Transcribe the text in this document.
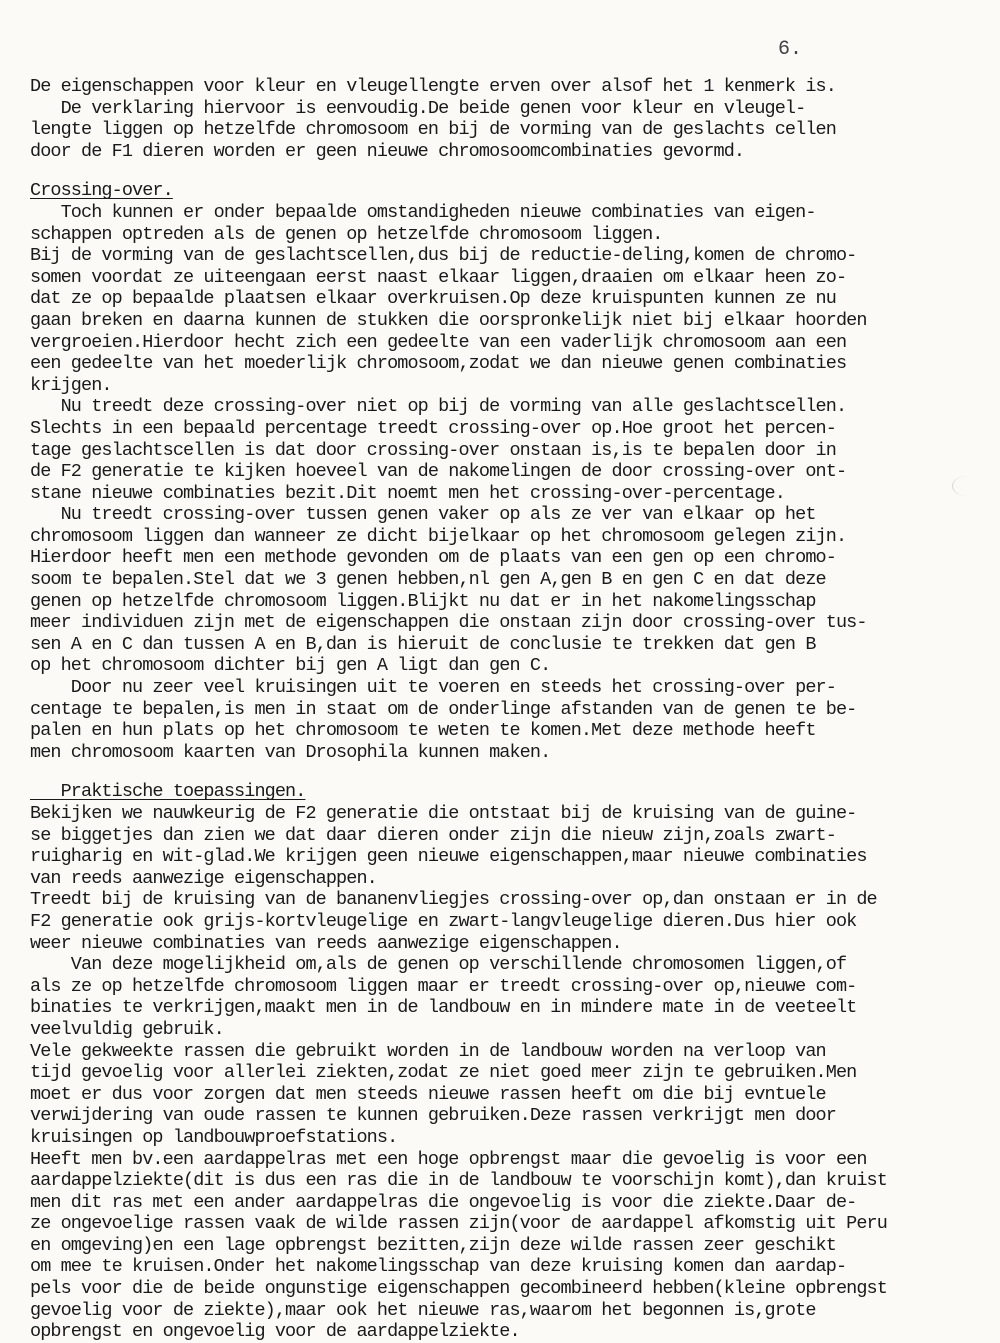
6.
De eigenschappen voor kleur en vleugellengte erven over alsof het 1 kenmerk is.
De verklaring hiervoor is eenvoudig.De beide genen voor kleur en vleugel-
lengte liggen op hetzelfde chromosoom en bij de vorming van de geslachts cellen
door de F1 dieren worden er geen nieuwe chromosoomcombinaties gevormd.
Crossing-over.
Toch kunnen er onder bepaalde omstandigheden nieuwe combinaties van eigen-
schappen optreden als de genen op hetzelfde chromosoom liggen.
Bij de vorming van de geslachtscellen,dus bij de reductie-deling,komen de chromo-
somen voordat ze uiteengaan eerst naast elkaar liggen,draaien om elkaar heen zo-
dat ze op bepaalde plaatsen elkaar overkruisen.Op deze kruispunten kunnen ze nu
gaan breken en daarna kunnen de stukken die oorspronkelijk niet bij elkaar hoorden
vergroeien.Hierdoor hecht zich een gedeelte van een vaderlijk chromosoom aan een
een gedeelte van het moederlijk chromosoom,zodat we dan nieuwe genen combinaties
krijgen.
Nu treedt deze crossing-over niet op bij de vorming van alle geslachtscellen.
Slechts in een bepaald percentage treedt crossing-over op.Hoe groot het percen-
tage geslachtscellen is dat door crossing-over onstaan is,is te bepalen door in
de F2 generatie te kijken hoeveel van de nakomelingen de door crossing-over ont-
stane nieuwe combinaties bezit.Dit noemt men het crossing-over-percentage.
Nu treedt crossing-over tussen genen vaker op als ze ver van elkaar op het
chromosoom liggen dan wanneer ze dicht bijelkaar op het chromosoom gelegen zijn.
Hierdoor heeft men een methode gevonden om de plaats van een gen op een chromo-
soom te bepalen.Stel dat we 3 genen hebben,nl gen A,gen B en gen C en dat deze
genen op hetzelfde chromosoom liggen.Blijkt nu dat er in het nakomelingsschap
meer individuen zijn met de eigenschappen die onstaan zijn door crossing-over tus-
sen A en C dan tussen A en B,dan is hieruit de conclusie te trekken dat gen B
op het chromosoom dichter bij gen A ligt dan gen C.
Door nu zeer veel kruisingen uit te voeren en steeds het crossing-over per-
centage te bepalen,is men in staat om de onderlinge afstanden van de genen te be-
palen en hun plats op het chromosoom te weten te komen.Met deze methode heeft
men chromosoom kaarten van Drosophila kunnen maken.
Praktische toepassingen.
Bekijken we nauwkeurig de F2 generatie die ontstaat bij de kruising van de guine-
se biggetjes dan zien we dat daar dieren onder zijn die nieuw zijn,zoals zwart-
ruigharig en wit-glad.We krijgen geen nieuwe eigenschappen,maar nieuwe combinaties
van reeds aanwezige eigenschappen.
Treedt bij de kruising van de bananenvliegjes crossing-over op,dan onstaan er in de
F2 generatie ook grijs-kortvleugelige en zwart-langvleugelige dieren.Dus hier ook
weer nieuwe combinaties van reeds aanwezige eigenschappen.
Van deze mogelijkheid om,als de genen op verschillende chromosomen liggen,of
als ze op hetzelfde chromosoom liggen maar er treedt crossing-over op,nieuwe com-
binaties te verkrijgen,maakt men in de landbouw en in mindere mate in de veeteelt
veelvuldig gebruik.
Vele gekweekte rassen die gebruikt worden in de landbouw worden na verloop van
tijd gevoelig voor allerlei ziekten,zodat ze niet goed meer zijn te gebruiken.Men
moet er dus voor zorgen dat men steeds nieuwe rassen heeft om die bij evntuele
verwijdering van oude rassen te kunnen gebruiken.Deze rassen verkrijgt men door
kruisingen op landbouwproefstations.
Heeft men bv.een aardappelras met een hoge opbrengst maar die gevoelig is voor een
aardappelziekte(dit is dus een ras die in de landbouw te voorschijn komt),dan kruist
men dit ras met een ander aardappelras die ongevoelig is voor die ziekte.Daar de-
ze ongevoelige rassen vaak de wilde rassen zijn(voor de aardappel afkomstig uit Peru
en omgeving)en een lage opbrengst bezitten,zijn deze wilde rassen zeer geschikt
om mee te kruisen.Onder het nakomelingsschap van deze kruising komen dan aardap-
pels voor die de beide ongunstige eigenschappen gecombineerd hebben(kleine opbrengst
gevoelig voor de ziekte),maar ook het nieuwe ras,waarom het begonnen is,grote
opbrengst en ongevoelig voor de aardappelziekte.
